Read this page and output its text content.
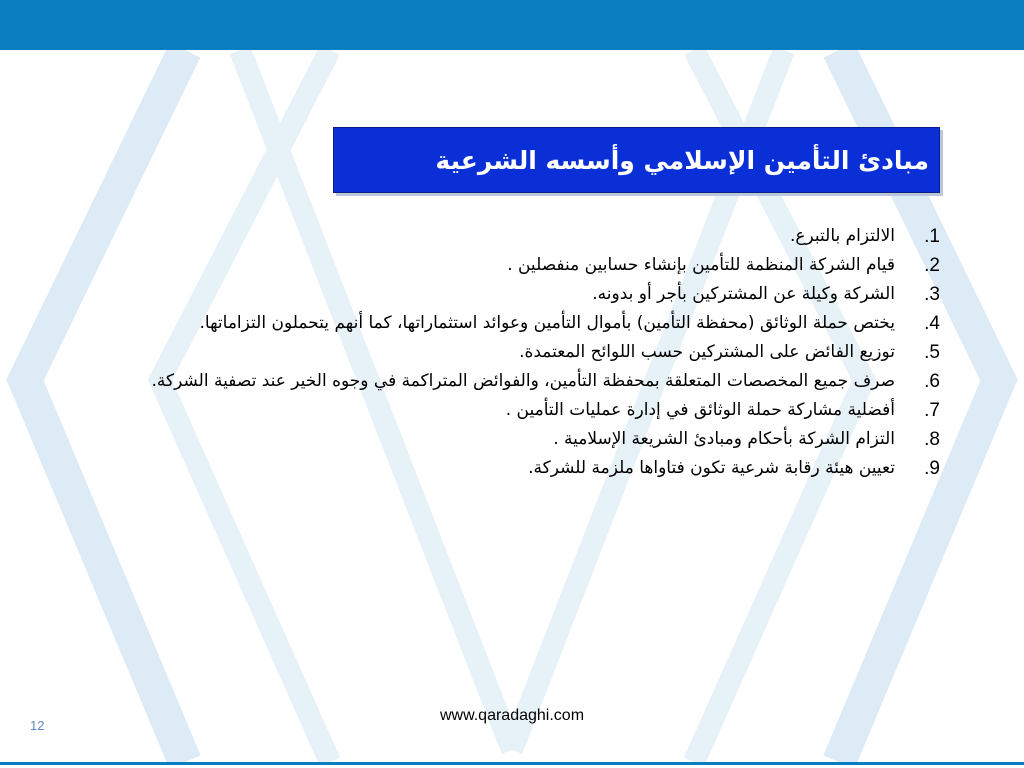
مبادئ التأمين الإسلامي وأسسه الشرعية
1.
الالتزام بالتبرع.
2.
قيام الشركة المنظمة للتأمين بإنشاء حسابين منفصلين .
3.
الشركة وكيلة عن المشتركين بأجر أو بدونه.
4.
يختص حملة الوثائق (محفظة التأمين) بأموال التأمين وعوائد استثماراتها، كما أنهم يتحملون التزاماتها.
5.
توزيع الفائض على المشتركين حسب اللوائح المعتمدة.
6.
صرف جميع المخصصات المتعلقة بمحفظة التأمين، والفوائض المتراكمة في وجوه الخير عند تصفية الشركة.
7.
أفضلية مشاركة حملة الوثائق في إدارة عمليات التأمين .
8.
التزام الشركة بأحكام ومبادئ الشريعة الإسلامية .
9.
تعيين هيئة رقابة شرعية تكون فتاواها ملزمة للشركة.
www.qaradaghi.com
12
